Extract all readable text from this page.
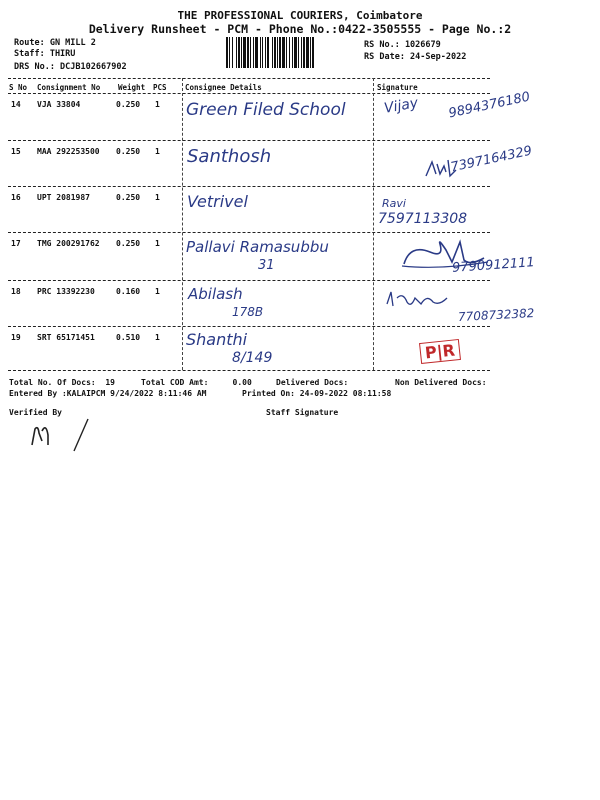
THE PROFESSIONAL COURIERS, Coimbatore
Delivery Runsheet - PCM - Phone No.:0422-3505555 - Page No.:2
Route: GN MILL 2
Staff: THIRU
DRS No.: DCJB102667902
RS No.: 1026679
RS Date: 24-Sep-2022
S No Consignment No Weight PCS Consignee Details	Signature
14 VJA 33804	0.250 1 Green Filed School	Vijay 9894376180
15 MAA 292253500 0.250 1 Santhosh	7397164329
16 UPT 2081987	0.250 1 Vetrivel	Ravi
7597113308
17 TMG 200291762 0.250 1 Pallavi Ramasubbu
31	9790912111
18 PRC 13392230	0.160 1 Abilash
178B	7708732382
19 SRT 65171451	0.510 1 Shanthi
8/149	P|R
Total No. Of Docs:  19	Total COD Amt:     0.00	Delivered Docs:	Non Delivered Docs:
Entered By :KALAIPCM 9/24/2022 8:11:46 AM	Printed On: 24-09-2022 08:11:58
Verified By	Staff Signature
